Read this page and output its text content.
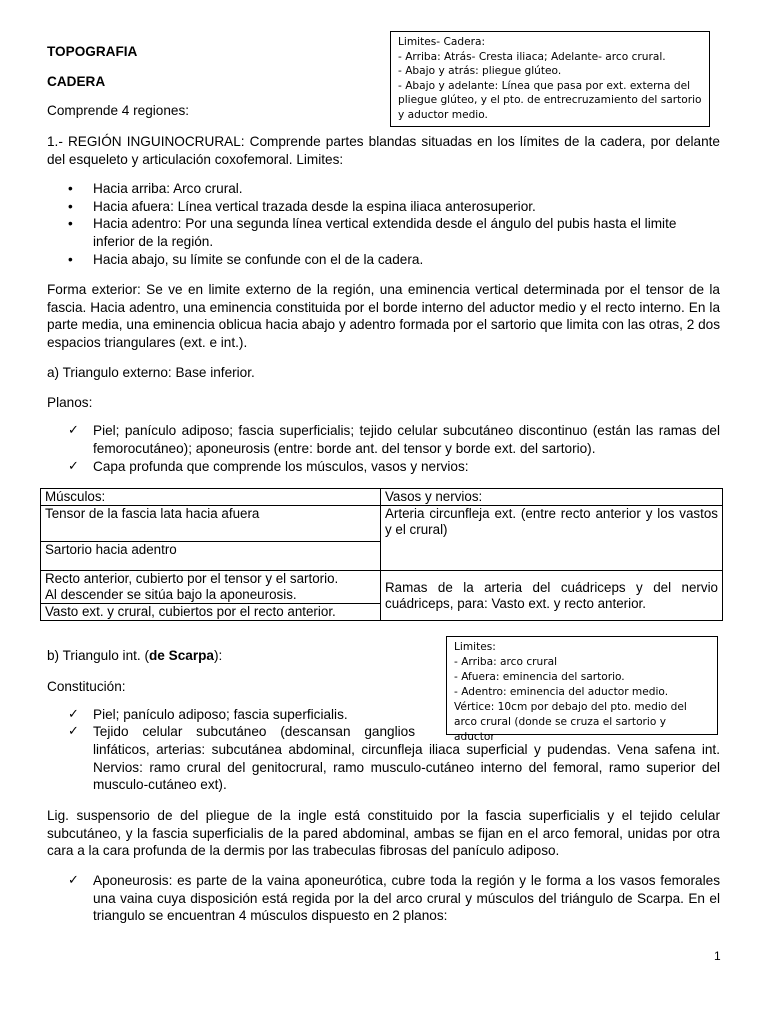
TOPOGRAFIA
CADERA
Comprende 4 regiones:
Limites- Cadera:
- Arriba: Atrás- Cresta iliaca; Adelante- arco crural.
- Abajo y atrás: pliegue glúteo.
- Abajo y adelante: Línea que pasa por ext. externa del
pliegue glúteo, y el pto. de entrecruzamiento del sartorio
y aductor medio.

1.- REGIÓN INGUINOCRURAL: Comprende partes blandas situadas en los límites de la cadera, por delante del esqueleto y articulación coxofemoral. Limites:

• Hacia arriba: Arco crural.

• Hacia afuera: Línea vertical trazada desde la espina iliaca anterosuperior.

• Hacia adentro: Por una segunda línea vertical extendida desde el ángulo del pubis hasta el limite inferior de la región.

• Hacia abajo, su límite se confunde con el de la cadera.

Forma exterior: Se ve en limite externo de la región, una eminencia vertical determinada por el tensor de la fascia. Hacia adentro, una eminencia constituida por el borde interno del aductor medio y el recto interno. En la parte media, una eminencia oblicua hacia abajo y adentro formada por el sartorio que limita con las otras, 2 dos espacios triangulares (ext. e int.).

a) Triangulo externo: Base inferior.

Planos:

✓ Piel; panículo adiposo; fascia superficialis; tejido celular subcutáneo discontinuo (están las ramas del femorocutáneo); aponeurosis (entre: borde ant. del tensor y borde ext. del sartorio).

✓ Capa profunda que comprende los músculos, vasos y nervios:

Músculos:	Vasos y nervios:
Tensor de la fascia lata hacia afuera	Arteria circunfleja ext. (entre recto anterior y los vastos y el crural)
Sartorio hacia adentro	

Recto anterior, cubierto por el tensor y el sartorio.
Al descender se sitúa bajo la aponeurosis.	Ramas de la arteria del cuádriceps y del nervio cuádriceps, para: Vasto ext. y recto anterior.
Vasto ext. y crural, cubiertos por el recto anterior.	

b) Triangulo int. (de Scarpa):

Limites:
- Arriba: arco crural
- Afuera: eminencia del sartorio.
- Adentro: eminencia del aductor medio.
Vértice: 10cm por debajo del pto. medio del
arco crural (donde se cruza el sartorio y aductor

Constitución:

✓ Piel; panículo adiposo; fascia superficialis.

✓ Tejido celular subcutáneo (descansan ganglios

linfáticos, arterias: subcutánea abdominal, circunfleja iliaca superficial y pudendas. Vena safena int. Nervios: ramo crural del genitocrural, ramo musculo-cutáneo interno del femoral, ramo superior del musculo-cutáneo ext).

Lig. suspensorio de del pliegue de la ingle está constituido por la fascia superficialis y el tejido celular subcutáneo, y la fascia superficialis de la pared abdominal, ambas se fijan en el arco femoral, unidas por otra cara a la cara profunda de la dermis por las trabeculas fibrosas del panículo adiposo.

✓ Aponeurosis: es parte de la vaina aponeurótica, cubre toda la región y le forma a los vasos femorales una vaina cuya disposición está regida por la del arco crural y músculos del triángulo de Scarpa. En el triangulo se encuentran 4 músculos dispuesto en 2 planos:

1
